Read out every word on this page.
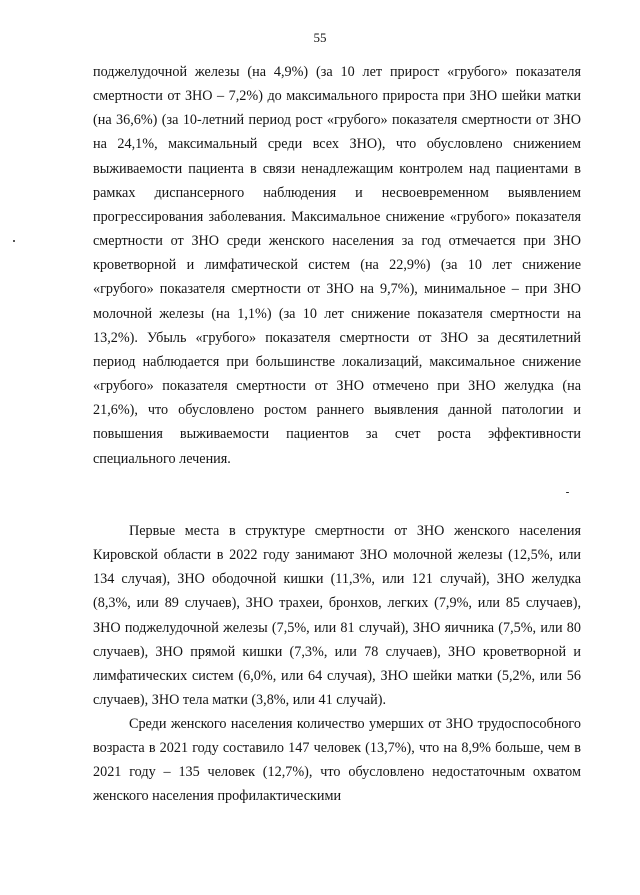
55

поджелудочной железы (на 4,9%) (за 10 лет прирост «грубого» показателя смертности от ЗНО – 7,2%) до максимального прироста при ЗНО шейки матки (на 36,6%) (за 10-летний период рост «грубого» показателя смертности от ЗНО на 24,1%, максимальный среди всех ЗНО), что обусловлено снижением выживаемости пациента в связи ненадлежащим контролем над пациентами в рамках диспансерного наблюдения и несвоевременном выявлением прогрессирования заболевания. Максимальное снижение «грубого» показателя смертности от ЗНО среди женского населения за год отмечается при ЗНО кроветворной и лимфатической систем (на 22,9%) (за 10 лет снижение «грубого» показателя смертности от ЗНО на 9,7%), минимальное – при ЗНО молочной железы (на 1,1%) (за 10 лет снижение показателя смертности на 13,2%). Убыль «грубого» показателя смертности от ЗНО за десятилетний период наблюдается при большинстве локализаций, максимальное снижение «грубого» показателя смертности от ЗНО отмечено при ЗНО желудка (на 21,6%), что обусловлено ростом раннего выявления данной патологии и повышения выживаемости пациентов за счет роста эффективности специального лечения.

Первые места в структуре смертности от ЗНО женского населения Кировской области в 2022 году занимают ЗНО молочной железы (12,5%, или 134 случая), ЗНО ободочной кишки (11,3%, или 121 случай), ЗНО желудка (8,3%, или 89 случаев), ЗНО трахеи, бронхов, легких (7,9%, или 85 случаев), ЗНО поджелудочной железы (7,5%, или 81 случай), ЗНО яичника (7,5%, или 80 случаев), ЗНО прямой кишки (7,3%, или 78 случаев), ЗНО кроветворной и лимфатических систем (6,0%, или 64 случая), ЗНО шейки матки (5,2%, или 56 случаев), ЗНО тела матки (3,8%, или 41 случай).

Среди женского населения количество умерших от ЗНО трудоспособного возраста в 2021 году составило 147 человек (13,7%), что на 8,9% больше, чем в 2021 году – 135 человек (12,7%), что обусловлено недостаточным охватом женского населения профилактическими
